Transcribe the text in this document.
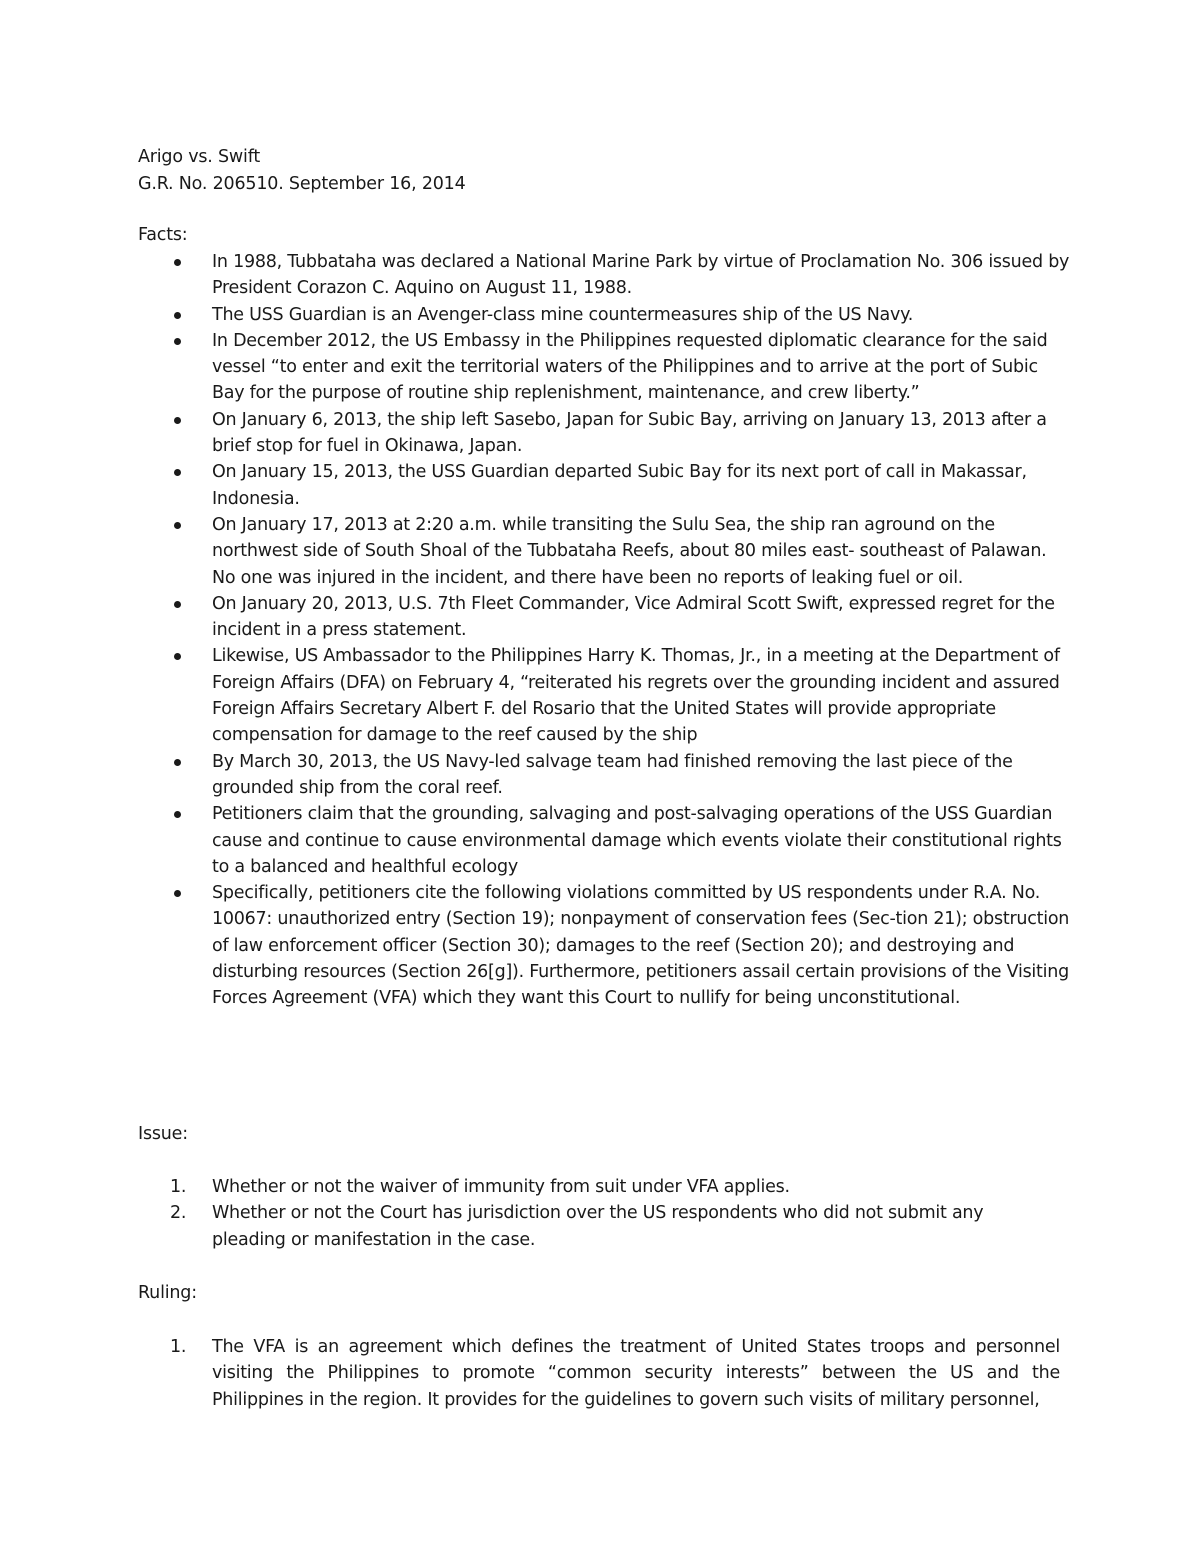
Arigo vs. Swift
G.R. No. 206510. September 16, 2014
Facts:
In 1988, Tubbataha was declared a National Marine Park by virtue of Proclamation No. 306 issued by President Corazon C. Aquino on August 11, 1988.
The USS Guardian is an Avenger-class mine countermeasures ship of the US Navy.
In December 2012, the US Embassy in the Philippines requested diplomatic clearance for the said vessel “to enter and exit the territorial waters of the Philippines and to arrive at the port of Subic Bay for the purpose of routine ship replenishment, maintenance, and crew liberty.”
On January 6, 2013, the ship left Sasebo, Japan for Subic Bay, arriving on January 13, 2013 after a brief stop for fuel in Okinawa, Japan.
On January 15, 2013, the USS Guardian departed Subic Bay for its next port of call in Makassar, Indonesia.
On January 17, 2013 at 2:20 a.m. while transiting the Sulu Sea, the ship ran aground on the northwest side of South Shoal of the Tubbataha Reefs, about 80 miles east- southeast of Palawan. No one was injured in the incident, and there have been no reports of leaking fuel or oil.
On January 20, 2013, U.S. 7th Fleet Commander, Vice Admiral Scott Swift, expressed regret for the incident in a press statement.
Likewise, US Ambassador to the Philippines Harry K. Thomas, Jr., in a meeting at the Department of Foreign Affairs (DFA) on February 4, “reiterated his regrets over the grounding incident and assured Foreign Affairs Secretary Albert F. del Rosario that the United States will provide appropriate compensation for damage to the reef caused by the ship
By March 30, 2013, the US Navy-led salvage team had finished removing the last piece of the grounded ship from the coral reef.
Petitioners claim that the grounding, salvaging and post-salvaging operations of the USS Guardian cause and continue to cause environmental damage which events violate their constitutional rights to a balanced and healthful ecology
Specifically, petitioners cite the following violations committed by US respondents under R.A. No. 10067: unauthorized entry (Section 19); nonpayment of conservation fees (Sec-tion 21); obstruction of law enforcement officer (Section 30); damages to the reef (Section 20); and destroying and disturbing resources (Section 26[g]). Furthermore, petitioners assail certain provisions of the Visiting Forces Agreement (VFA) which they want this Court to nullify for being unconstitutional.
Issue:
1. Whether or not the waiver of immunity from suit under VFA applies.
2. Whether or not the Court has jurisdiction over the US respondents who did not submit any pleading or manifestation in the case.
Ruling:
1. The VFA is an agreement which defines the treatment of United States troops and personnel visiting the Philippines to promote “common security interests” between the US and the Philippines in the region. It provides for the guidelines to govern such visits of military personnel,
